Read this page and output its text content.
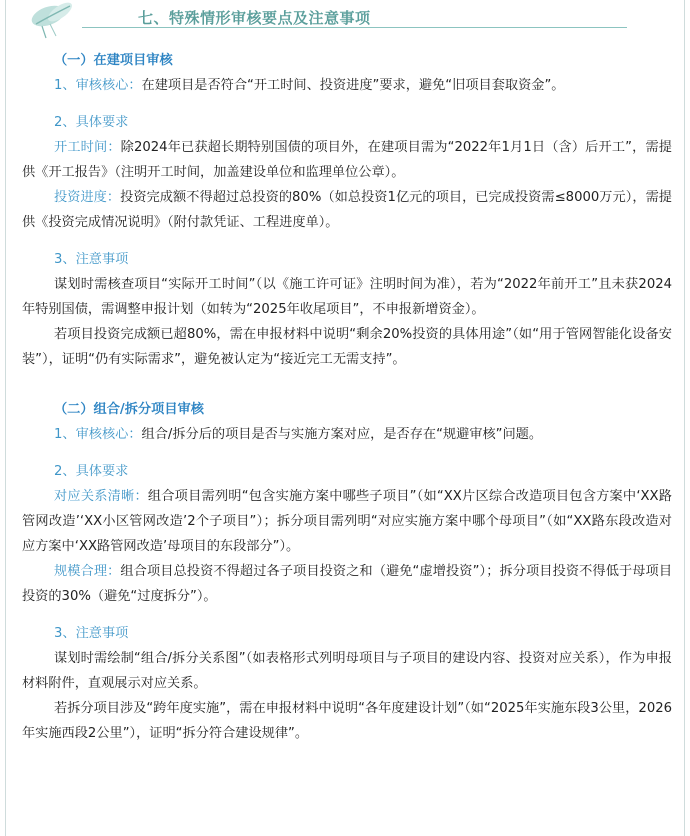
七、特殊情形审核要点及注意事项
（一）在建项目审核
1、审核核心：在建项目是否符合“开工时间、投资进度”要求，避免“旧项目套取资金”。
2、具体要求
开工时间：除2024年已获超长期特别国债的项目外，在建项目需为“2022年1月1日（含）后开工”，需提供《开工报告》（注明开工时间，加盖建设单位和监理单位公章）。
投资进度：投资完成额不得超过总投资的80%（如总投资1亿元的项目，已完成投资需≤8000万元），需提供《投资完成情况说明》（附付款凭证、工程进度单）。
3、注意事项
谋划时需核查项目“实际开工时间”（以《施工许可证》注明时间为准），若为“2022年前开工”且未获2024年特别国债，需调整申报计划（如转为“2025年收尾项目”，不申报新增资金）。
若项目投资完成额已超80%，需在申报材料中说明“剩余20%投资的具体用途”（如“用于管网智能化设备安装”），证明“仍有实际需求”，避免被认定为“接近完工无需支持”。
（二）组合/拆分项目审核
1、审核核心：组合/拆分后的项目是否与实施方案对应，是否存在“规避审核”问题。
2、具体要求
对应关系清晰：组合项目需列明“包含实施方案中哪些子项目”（如“XX片区综合改造项目包含方案中‘XX路管网改造’‘XX小区管网改造’2个子项目”）；拆分项目需列明“对应实施方案中哪个母项目”（如“XX路东段改造对应方案中‘XX路管网改造’母项目的东段部分”）。
规模合理：组合项目总投资不得超过各子项目投资之和（避免“虚增投资”）；拆分项目投资不得低于母项目投资的30%（避免“过度拆分”）。
3、注意事项
谋划时需绘制“组合/拆分关系图”（如表格形式列明母项目与子项目的建设内容、投资对应关系），作为申报材料附件，直观展示对应关系。
若拆分项目涉及“跨年度实施”，需在申报材料中说明“各年度建设计划”（如“2025年实施东段3公里，2026年实施西段2公里”），证明“拆分符合建设规律”。
